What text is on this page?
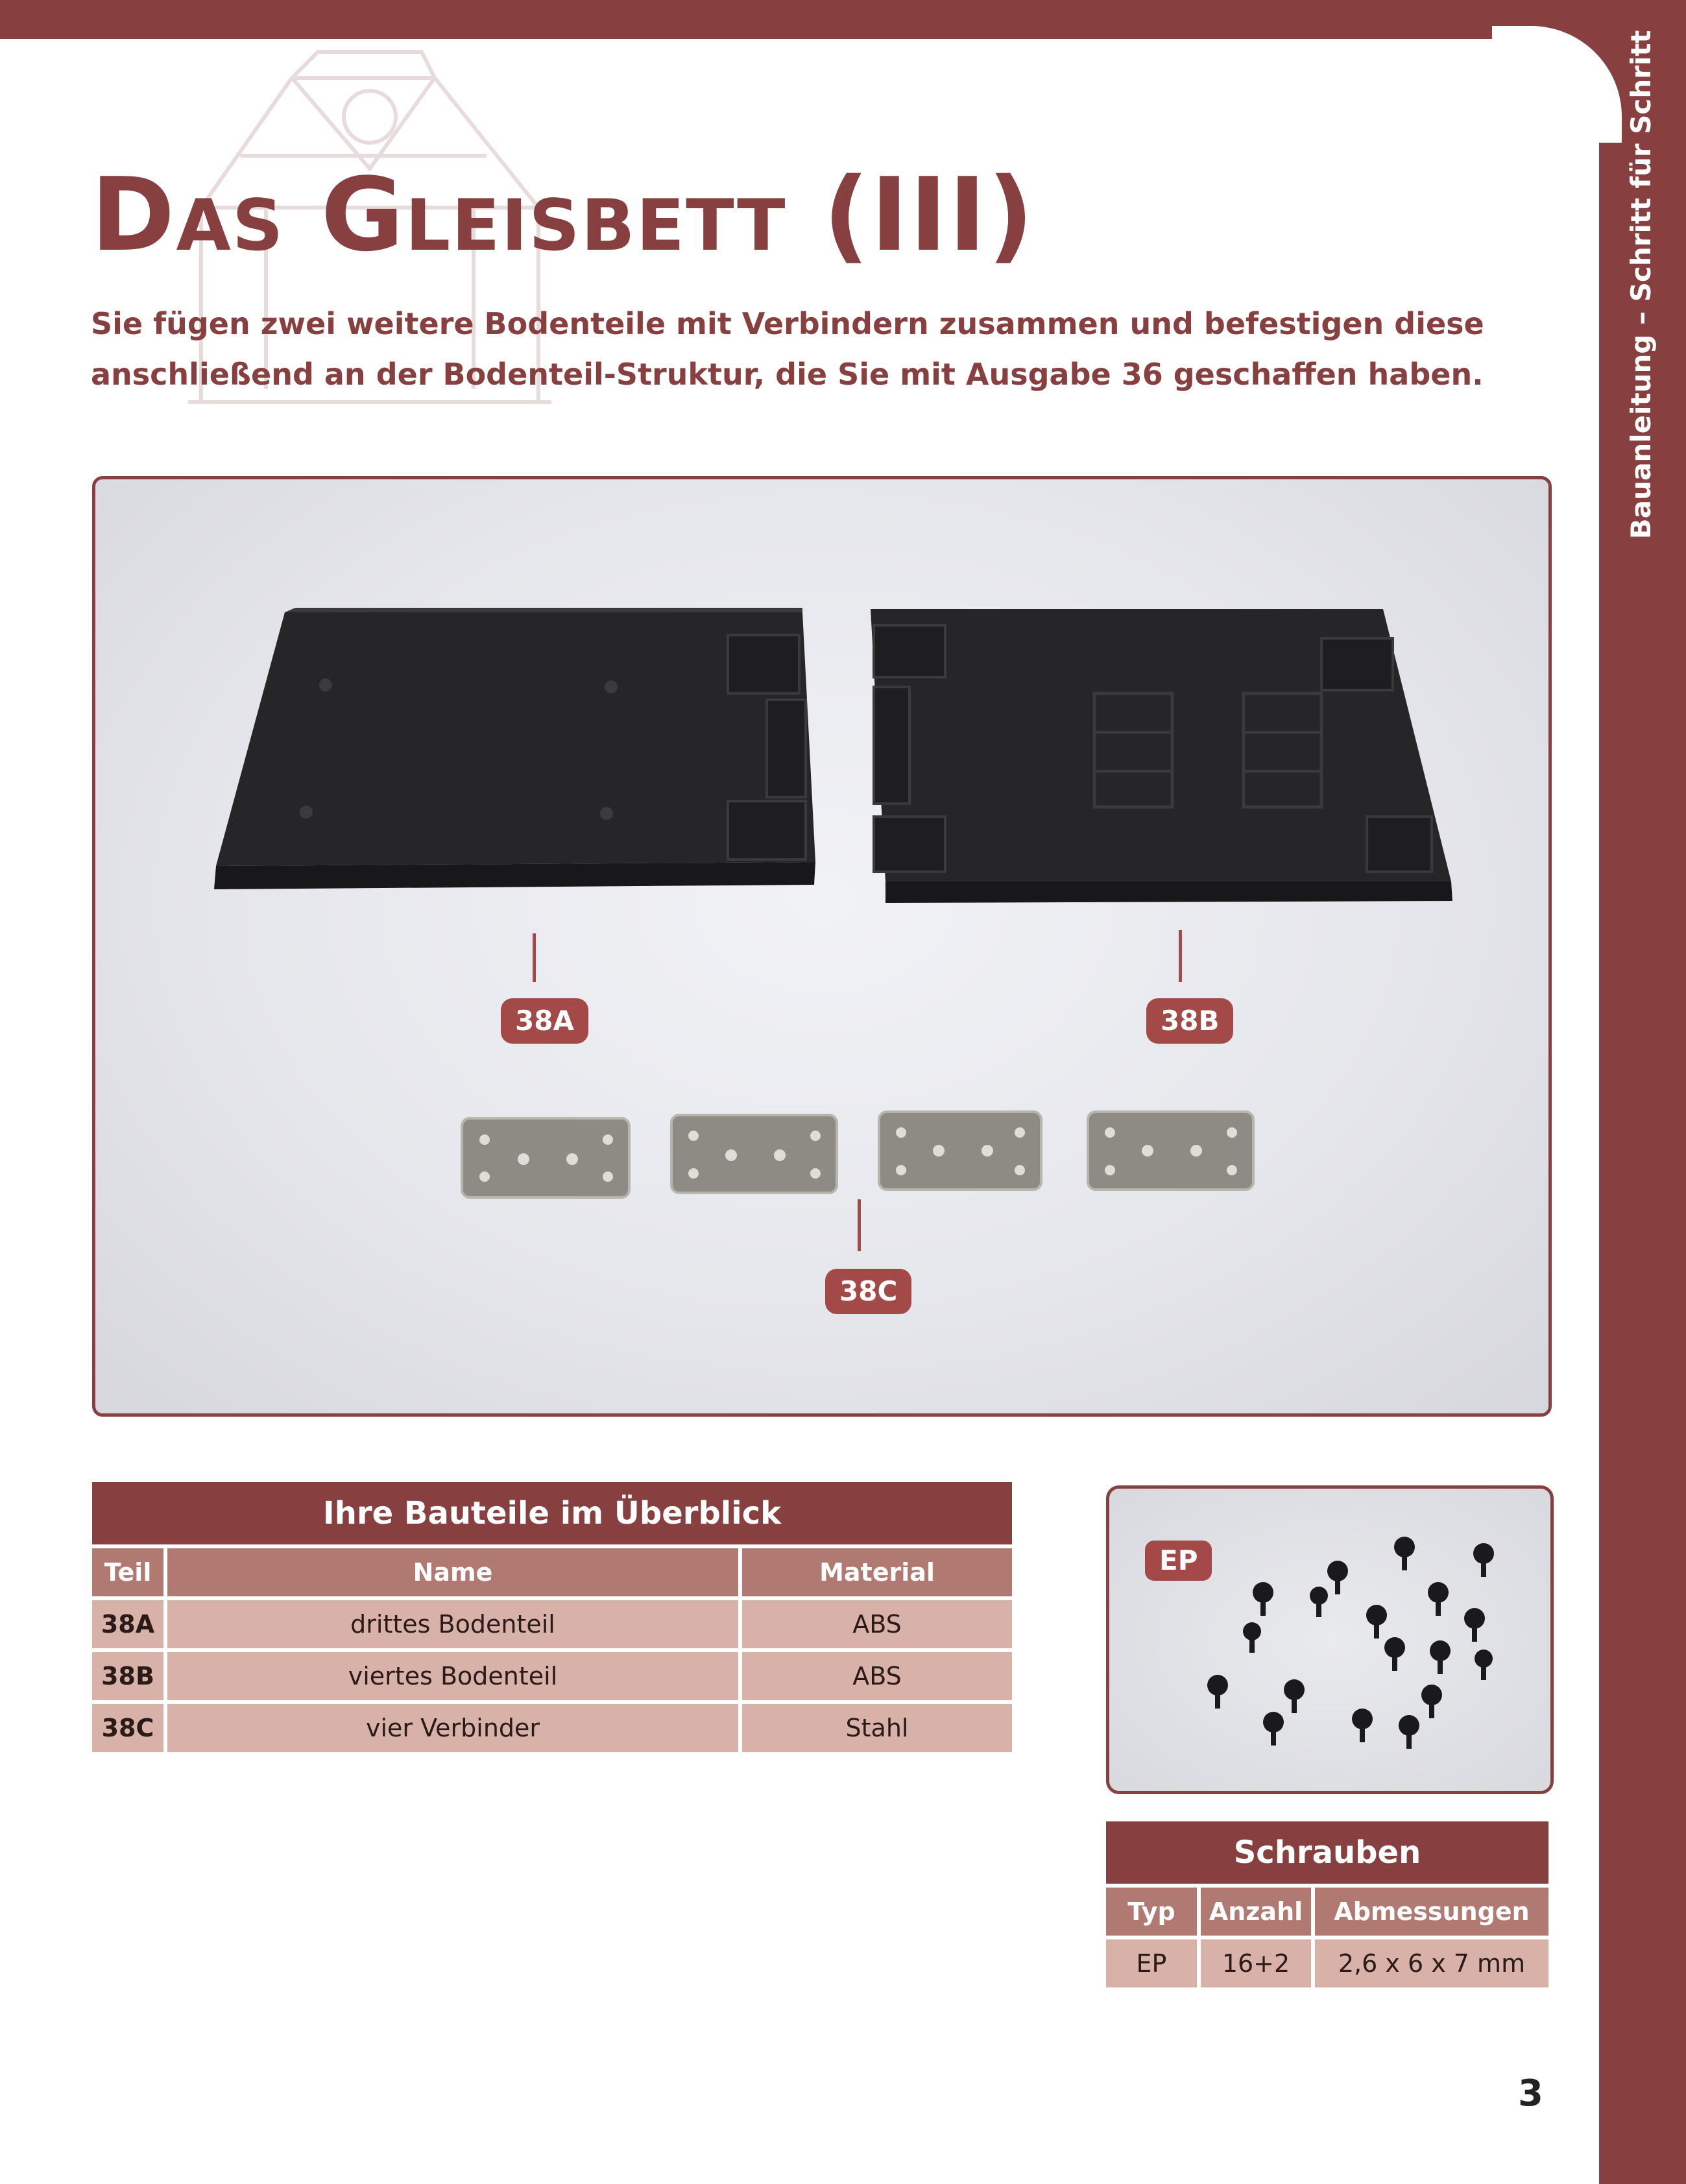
Bauanleitung – Schritt für Schritt
Das Gleisbett (III)

Sie fügen zwei weitere Bodenteile mit Verbindern zusammen und befestigen diese anschließend an der Bodenteil-Struktur, die Sie mit Ausgabe 36 geschaffen haben.

38A	38B
38C
Ihre Bauteile im Überblick
Teil	Name	Material
38A	drittes Bodenteil	ABS
38B	viertes Bodenteil	ABS
38C	vier Verbinder	Stahl
EP
Schrauben
Typ	Anzahl	Abmessungen
EP	16+2	2,6 x 6 x 7 mm
3
